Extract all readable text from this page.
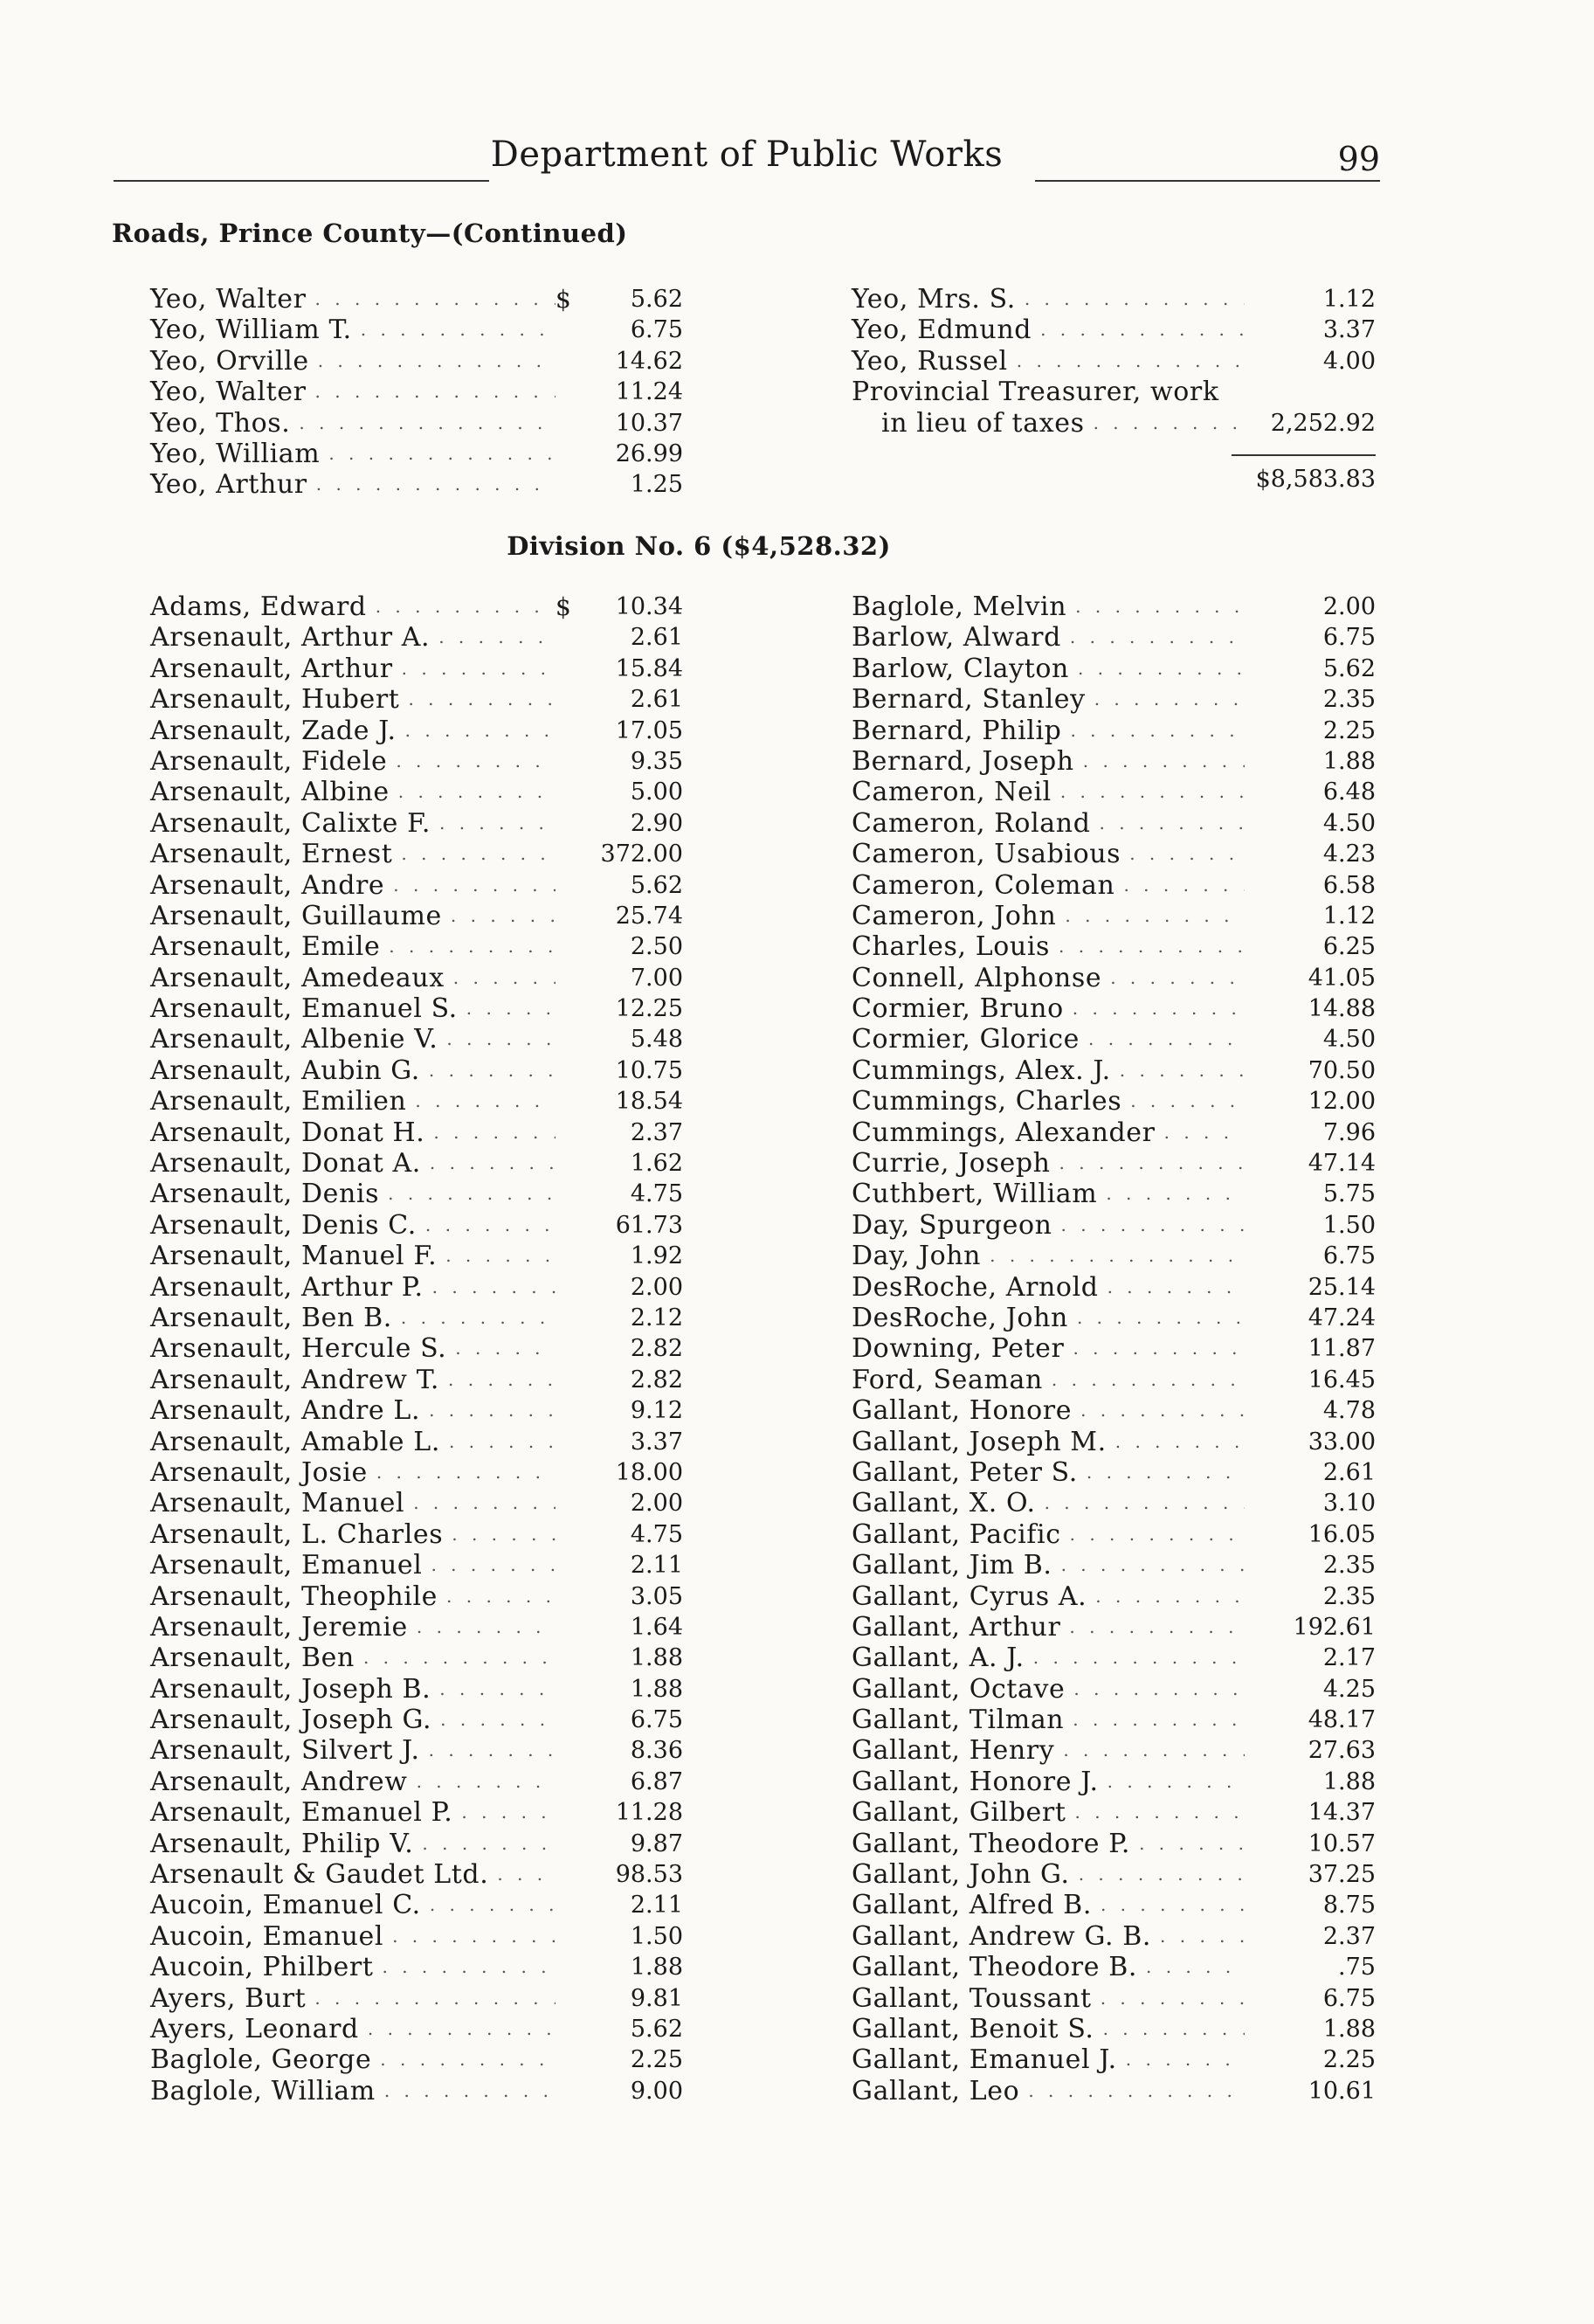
Department of Public Works	99
Roads, Prince County—(Continued)
Yeo, Walter . . .	$	5.62
Yeo, William T. . . .	6.75
Yeo, Orville . . .	14.62
Yeo, Walter . . .	11.24
Yeo, Thos. . . .	10.37
Yeo, William . . .	26.99
Yeo, Arthur . . .	1.25
Yeo, Mrs. S. . . .	1.12
Yeo, Edmund . . .	3.37
Yeo, Russel . . .	4.00
Provincial Treasurer, work
in lieu of taxes . . .	2,252.92
$8,583.83
Division No. 6 ($4,528.32)
Adams, Edward . . .	$	10.34
Arsenault, Arthur A. . . .	2.61
Arsenault, Arthur . . .	15.84
Arsenault, Hubert . . .	2.61
Arsenault, Zade J. . . .	17.05
Arsenault, Fidele . . .	9.35
Arsenault, Albine . . .	5.00
Arsenault, Calixte F. . . .	2.90
Arsenault, Ernest . . .	372.00
Arsenault, Andre . . .	5.62
Arsenault, Guillaume . . .	25.74
Arsenault, Emile . . .	2.50
Arsenault, Amedeaux . . .	7.00
Arsenault, Emanuel S. . . .	12.25
Arsenault, Albenie V. . . .	5.48
Arsenault, Aubin G. . . .	10.75
Arsenault, Emilien . . .	18.54
Arsenault, Donat H. . . .	2.37
Arsenault, Donat A. . . .	1.62
Arsenault, Denis . . .	4.75
Arsenault, Denis C. . . .	61.73
Arsenault, Manuel F. . . .	1.92
Arsenault, Arthur P. . . .	2.00
Arsenault, Ben B. . . .	2.12
Arsenault, Hercule S. . . .	2.82
Arsenault, Andrew T. . . .	2.82
Arsenault, Andre L. . . .	9.12
Arsenault, Amable L. . . .	3.37
Arsenault, Josie . . .	18.00
Arsenault, Manuel . . .	2.00
Arsenault, L. Charles . . .	4.75
Arsenault, Emanuel . . .	2.11
Arsenault, Theophile . . .	3.05
Arsenault, Jeremie . . .	1.64
Arsenault, Ben . . .	1.88
Arsenault, Joseph B. . . .	1.88
Arsenault, Joseph G. . . .	6.75
Arsenault, Silvert J. . . .	8.36
Arsenault, Andrew . . .	6.87
Arsenault, Emanuel P. . . .	11.28
Arsenault, Philip V. . . .	9.87
Arsenault & Gaudet Ltd. . . .	98.53
Aucoin, Emanuel C. . . .	2.11
Aucoin, Emanuel . . .	1.50
Aucoin, Philbert . . .	1.88
Ayers, Burt . . .	9.81
Ayers, Leonard . . .	5.62
Baglole, George . . .	2.25
Baglole, William . . .	9.00
Baglole, Melvin . . .	2.00
Barlow, Alward . . .	6.75
Barlow, Clayton . . .	5.62
Bernard, Stanley . . .	2.35
Bernard, Philip . . .	2.25
Bernard, Joseph . . .	1.88
Cameron, Neil . . .	6.48
Cameron, Roland . . .	4.50
Cameron, Usabious . . .	4.23
Cameron, Coleman . . .	6.58
Cameron, John . . .	1.12
Charles, Louis . . .	6.25
Connell, Alphonse . . .	41.05
Cormier, Bruno . . .	14.88
Cormier, Glorice . . .	4.50
Cummings, Alex. J. . . .	70.50
Cummings, Charles . . .	12.00
Cummings, Alexander . . .	7.96
Currie, Joseph . . .	47.14
Cuthbert, William . . .	5.75
Day, Spurgeon . . .	1.50
Day, John . . .	6.75
DesRoche, Arnold . . .	25.14
DesRoche, John . . .	47.24
Downing, Peter . . .	11.87
Ford, Seaman . . .	16.45
Gallant, Honore . . .	4.78
Gallant, Joseph M. . . .	33.00
Gallant, Peter S. . . .	2.61
Gallant, X. O. . . .	3.10
Gallant, Pacific . . .	16.05
Gallant, Jim B. . . .	2.35
Gallant, Cyrus A. . . .	2.35
Gallant, Arthur . . .	192.61
Gallant, A. J. . . .	2.17
Gallant, Octave . . .	4.25
Gallant, Tilman . . .	48.17
Gallant, Henry . . .	27.63
Gallant, Honore J. . . .	1.88
Gallant, Gilbert . . .	14.37
Gallant, Theodore P. . . .	10.57
Gallant, John G. . . .	37.25
Gallant, Alfred B. . . .	8.75
Gallant, Andrew G. B. . . .	2.37
Gallant, Theodore B. . . .	.75
Gallant, Toussant . . .	6.75
Gallant, Benoit S. . . .	1.88
Gallant, Emanuel J. . . .	2.25
Gallant, Leo . . .	10.61
